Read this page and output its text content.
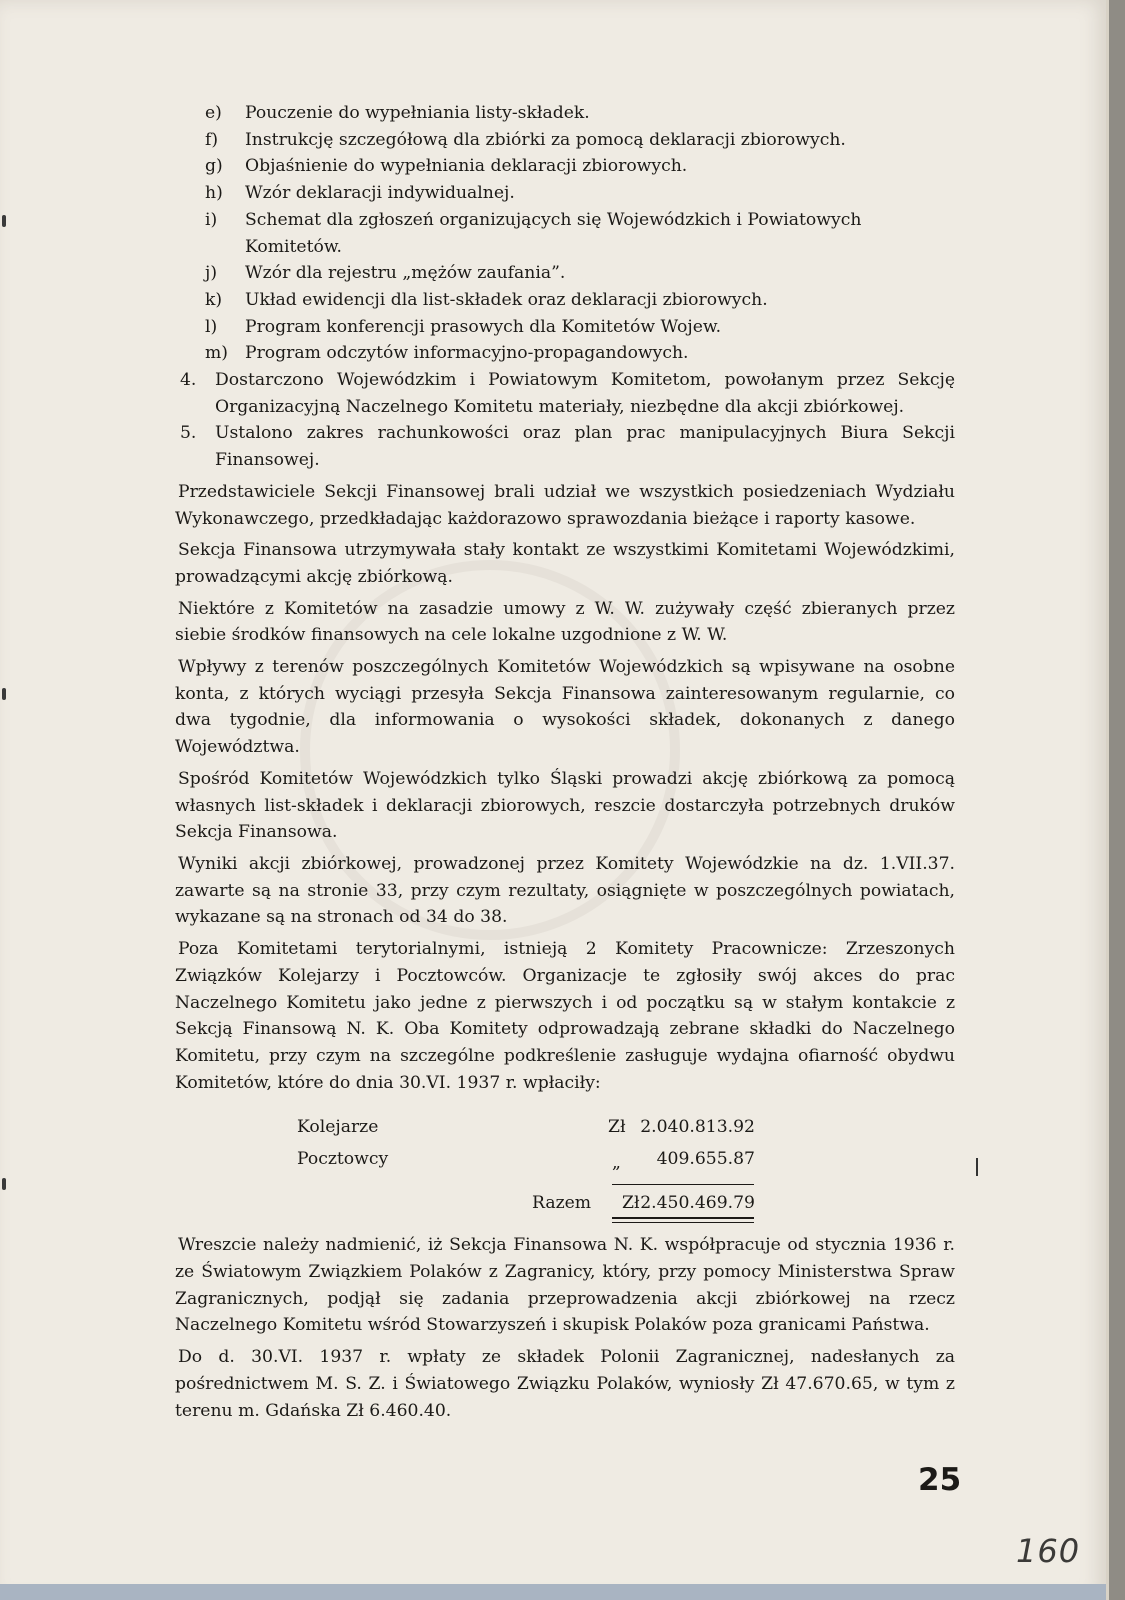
e) Pouczenie do wypełniania listy-składek.

f) Instrukcję szczegółową dla zbiórki za pomocą deklaracji zbiorowych.

g) Objaśnienie do wypełniania deklaracji zbiorowych.

h) Wzór deklaracji indywidualnej.

i) Schemat dla zgłoszeń organizujących się Wojewódzkich i Powiatowych Komitetów.

j) Wzór dla rejestru „mężów zaufania”.

k) Układ ewidencji dla list-składek oraz deklaracji zbiorowych.

l) Program konferencji prasowych dla Komitetów Wojew.

m) Program odczytów informacyjno-propagandowych.

4. Dostarczono Wojewódzkim i Powiatowym Komitetom, powołanym przez Sekcję Organizacyjną Naczelnego Komitetu materiały, niezbędne dla akcji zbiórkowej.

5. Ustalono zakres rachunkowości oraz plan prac manipulacyjnych Biura Sekcji Finansowej.

Przedstawiciele Sekcji Finansowej brali udział we wszystkich posiedzeniach Wydziału Wykonawczego, przedkładając każdorazowo sprawozdania bieżące i raporty kasowe.

Sekcja Finansowa utrzymywała stały kontakt ze wszystkimi Komitetami Wojewódzkimi, prowadzącymi akcję zbiórkową.

Niektóre z Komitetów na zasadzie umowy z W. W. zużywały część zbieranych przez siebie środków finansowych na cele lokalne uzgodnione z W. W.

Wpływy z terenów poszczególnych Komitetów Wojewódzkich są wpisywane na osobne konta, z których wyciągi przesyła Sekcja Finansowa zainteresowanym regularnie, co dwa tygodnie, dla informowania o wysokości składek, dokonanych z danego Województwa.

Spośród Komitetów Wojewódzkich tylko Śląski prowadzi akcję zbiórkową za pomocą własnych list-składek i deklaracji zbiorowych, reszcie dostarczyła potrzebnych druków Sekcja Finansowa.

Wyniki akcji zbiórkowej, prowadzonej przez Komitety Wojewódzkie na dz. 1.VII.37. zawarte są na stronie 33, przy czym rezultaty, osiągnięte w poszczególnych powiatach, wykazane są na stronach od 34 do 38.

Poza Komitetami terytorialnymi, istnieją 2 Komitety Pracownicze: Zrzeszonych Związków Kolejarzy i Pocztowców. Organizacje te zgłosiły swój akces do prac Naczelnego Komitetu jako jedne z pierwszych i od początku są w stałym kontakcie z Sekcją Finansową N. K. Oba Komitety odprowadzają zebrane składki do Naczelnego Komitetu, przy czym na szczególne podkreślenie zasługuje wydajna ofiarność obydwu Komitetów, które do dnia 30.VI. 1937 r. wpłaciły:

Kolejarze	Zł 2.040.813.92
Pocztowcy	„	409.655.87
Razem Zł 2.450.469.79

Wreszcie należy nadmienić, iż Sekcja Finansowa N. K. współpracuje od stycznia 1936 r. ze Światowym Związkiem Polaków z Zagranicy, który, przy pomocy Ministerstwa Spraw Zagranicznych, podjął się zadania przeprowadzenia akcji zbiórkowej na rzecz Naczelnego Komitetu wśród Stowarzyszeń i skupisk Polaków poza granicami Państwa.

Do d. 30.VI. 1937 r. wpłaty ze składek Polonii Zagranicznej, nadesłanych za pośrednictwem M. S. Z. i Światowego Związku Polaków, wyniosły Zł 47.670.65, w tym z terenu m. Gdańska Zł 6.460.40.

25
160
